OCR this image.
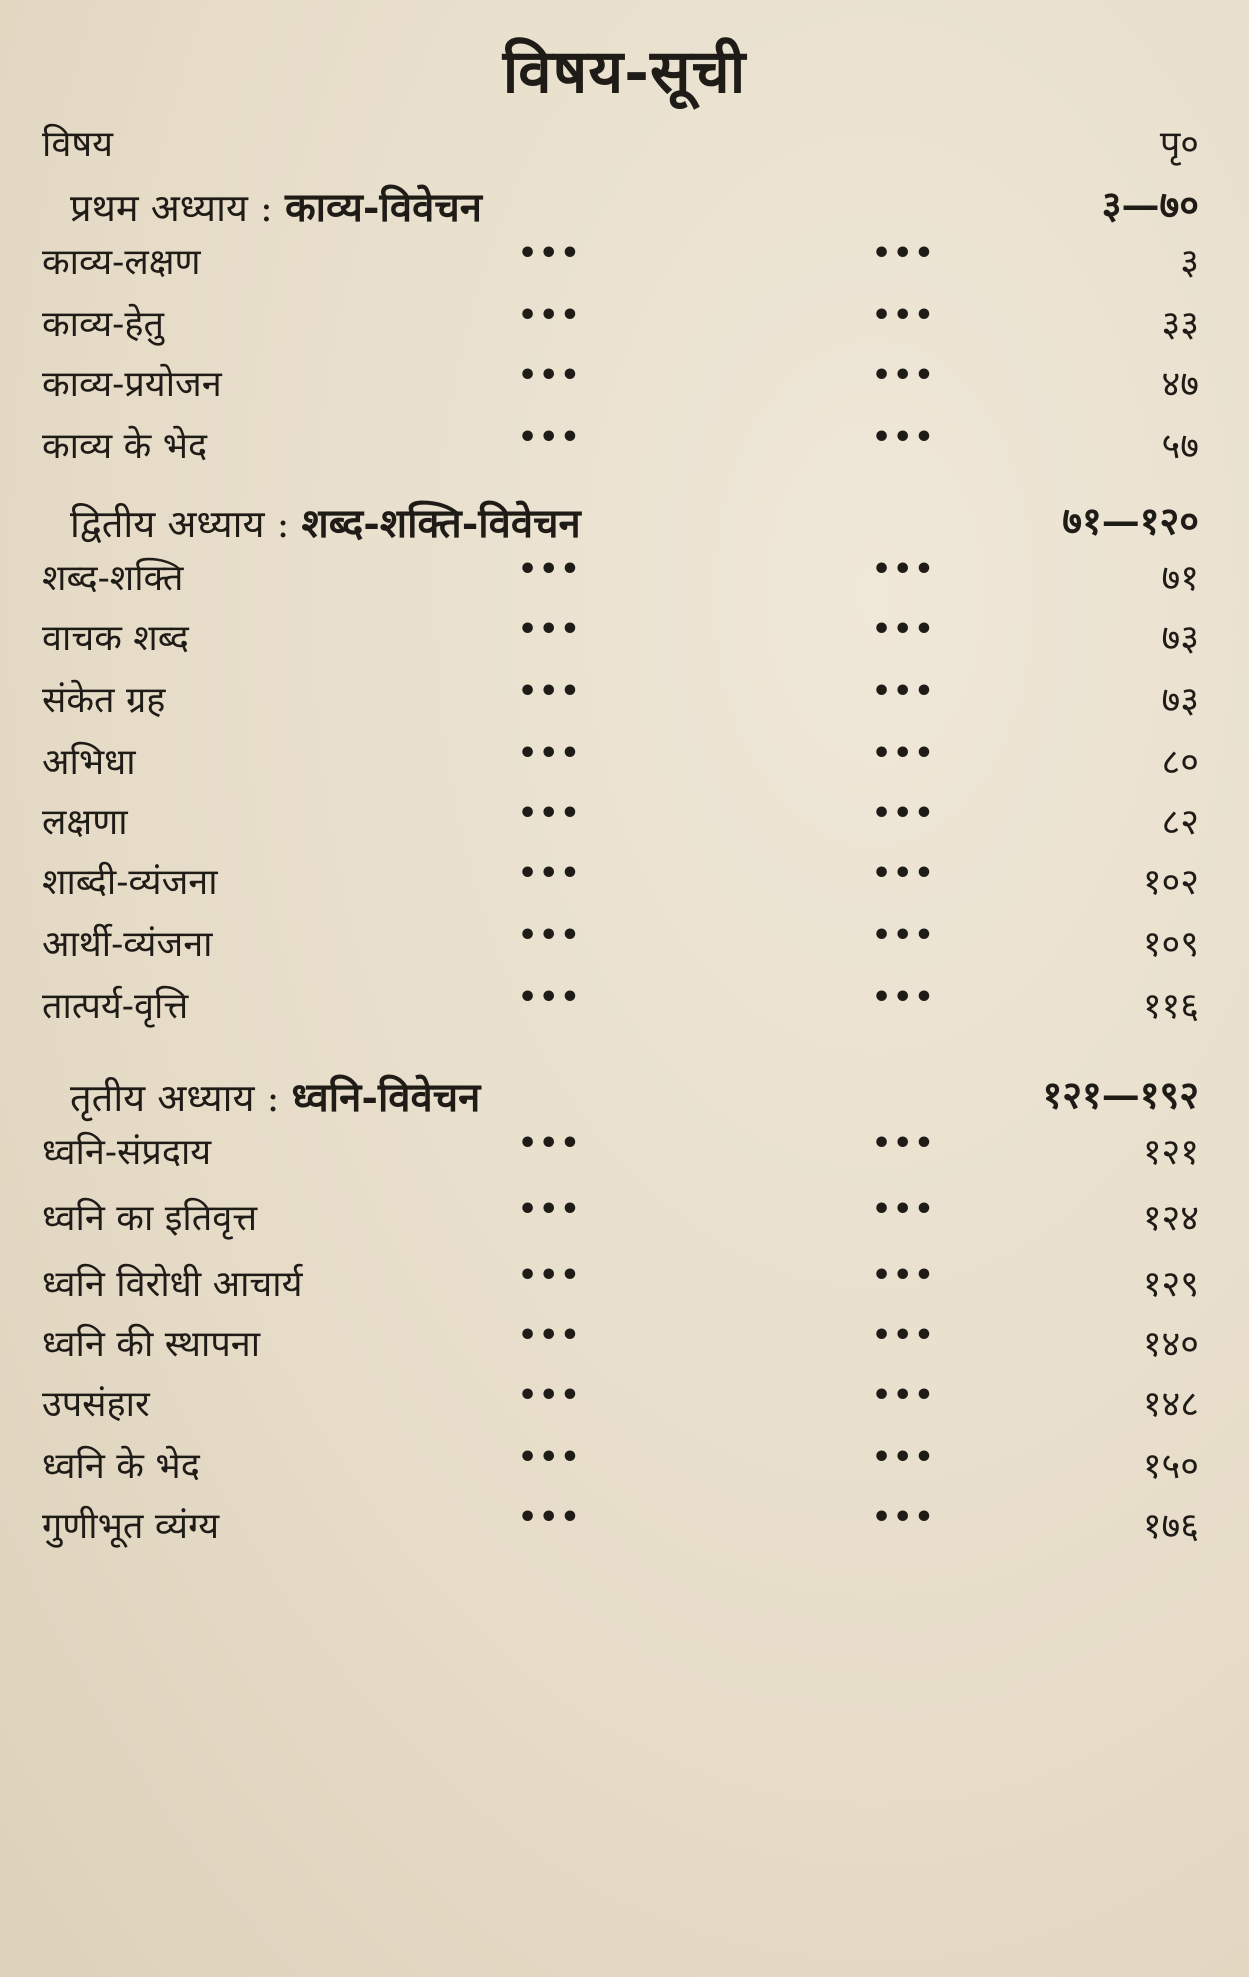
विषय-सूची
विषय	पृ०
प्रथम अध्याय : काव्य-विवेचन	३—७०
काव्य-लक्षण	•••	•••	३
काव्य-हेतु	•••	•••	३३
काव्य-प्रयोजन	•••	•••	४७
काव्य के भेद	•••	•••	५७
द्वितीय अध्याय : शब्द-शक्ति-विवेचन	७१—१२०
शब्द-शक्ति	•••	•••	७१
वाचक शब्द	•••	•••	७३
संकेत ग्रह	•••	•••	७३
अभिधा	•••	•••	८०
लक्षणा	•••	•••	८२
शाब्दी-व्यंजना	•••	•••	१०२
आर्थी-व्यंजना	•••	•••	१०९
तात्पर्य-वृत्ति	•••	•••	११६
तृतीय अध्याय : ध्वनि-विवेचन	१२१—१९२
ध्वनि-संप्रदाय	•••	•••	१२१
ध्वनि का इतिवृत्त	•••	•••	१२४
ध्वनि विरोधी आचार्य	•••	•••	१२९
ध्वनि की स्थापना	•••	•••	१४०
उपसंहार	•••	•••	१४८
ध्वनि के भेद	•••	•••	१५०
गुणीभूत व्यंग्य	•••	•••	१७६
